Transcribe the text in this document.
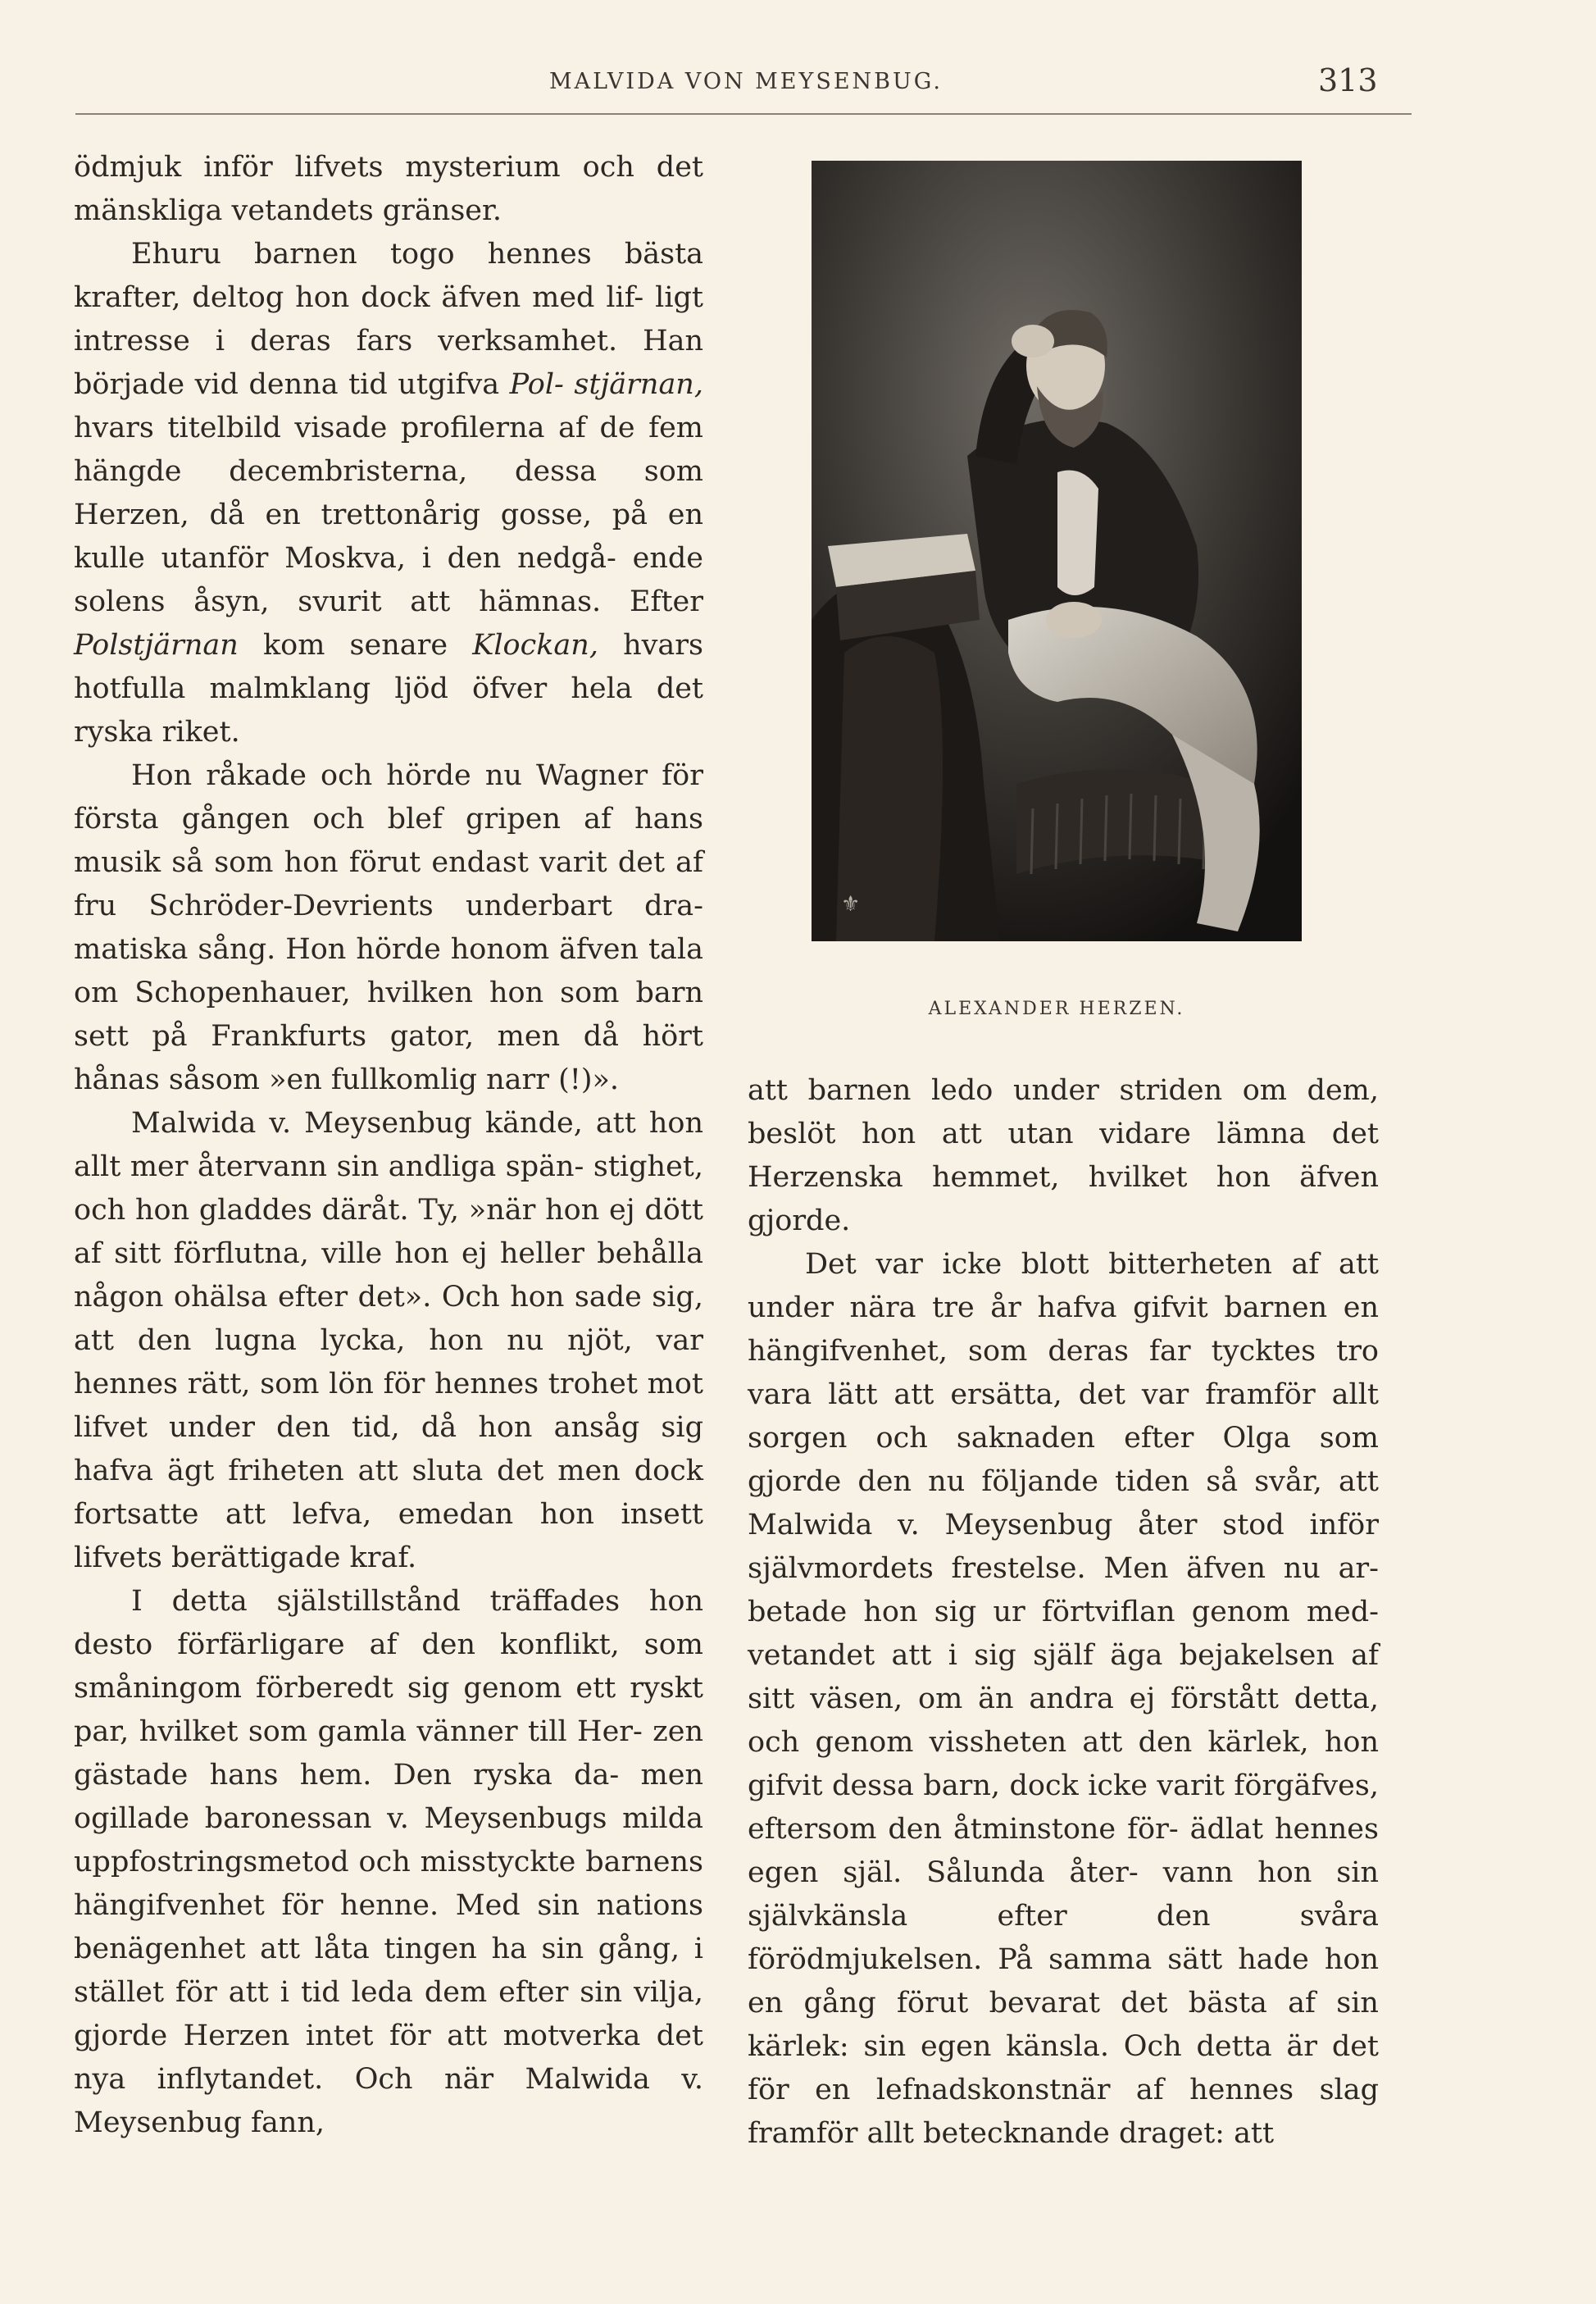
MALVIDA VON MEYSENBUG.	313

ödmjuk inför lifvets mysterium och det mänskliga vetandets gränser.

Ehuru barnen togo hennes bästa krafter, deltog hon dock äfven med lif- ligt intresse i deras fars verksamhet. Han började vid denna tid utgifva Pol- stjärnan, hvars titelbild visade profilerna af de fem hängde decembristerna, dessa som Herzen, då en trettonårig gosse, på en kulle utanför Moskva, i den nedgå- ende solens åsyn, svurit att hämnas. Efter Polstjärnan kom senare Klockan, hvars hotfulla malmklang ljöd öfver hela det ryska riket.

Hon råkade och hörde nu Wagner för första gången och blef gripen af hans musik så som hon förut endast varit det af fru Schröder-Devrients underbart dra- matiska sång. Hon hörde honom äfven tala om Schopenhauer, hvilken hon som barn sett på Frankfurts gator, men då hört hånas såsom »en fullkomlig narr (!)».

Malwida v. Meysenbug kände, att hon allt mer återvann sin andliga spän- stighet, och hon gladdes däråt. Ty, »när hon ej dött af sitt förflutna, ville hon ej heller behålla någon ohälsa efter det». Och hon sade sig, att den lugna lycka, hon nu njöt, var hennes rätt, som lön för hennes trohet mot lifvet under den tid, då hon ansåg sig hafva ägt friheten att sluta det men dock fortsatte att lefva, emedan hon insett lifvets berättigade kraf.

I detta själstillstånd träffades hon desto förfärligare af den konflikt, som småningom förberedt sig genom ett ryskt par, hvilket som gamla vänner till Her- zen gästade hans hem. Den ryska da- men ogillade baronessan v. Meysenbugs milda uppfostringsmetod och misstyckte barnens hängifvenhet för henne. Med sin nations benägenhet att låta tingen ha sin gång, i stället för att i tid leda dem efter sin vilja, gjorde Herzen intet för att motverka det nya inflytandet. Och när Malwida v. Meysenbug fann,

⚜
ALEXANDER HERZEN.

att barnen ledo under striden om dem, beslöt hon att utan vidare lämna det Herzenska hemmet, hvilket hon äfven gjorde.

Det var icke blott bitterheten af att under nära tre år hafva gifvit barnen en hängifvenhet, som deras far tycktes tro vara lätt att ersätta, det var framför allt sorgen och saknaden efter Olga som gjorde den nu följande tiden så svår, att Malwida v. Meysenbug åter stod inför självmordets frestelse. Men äfven nu ar- betade hon sig ur förtviflan genom med- vetandet att i sig själf äga bejakelsen af sitt väsen, om än andra ej förstått detta, och genom vissheten att den kärlek, hon gifvit dessa barn, dock icke varit förgäfves, eftersom den åtminstone för- ädlat hennes egen själ. Sålunda åter- vann hon sin självkänsla efter den svåra förödmjukelsen. På samma sätt hade hon en gång förut bevarat det bästa af sin kärlek: sin egen känsla. Och detta är det för en lefnadskonstnär af hennes slag framför allt betecknande draget: att
